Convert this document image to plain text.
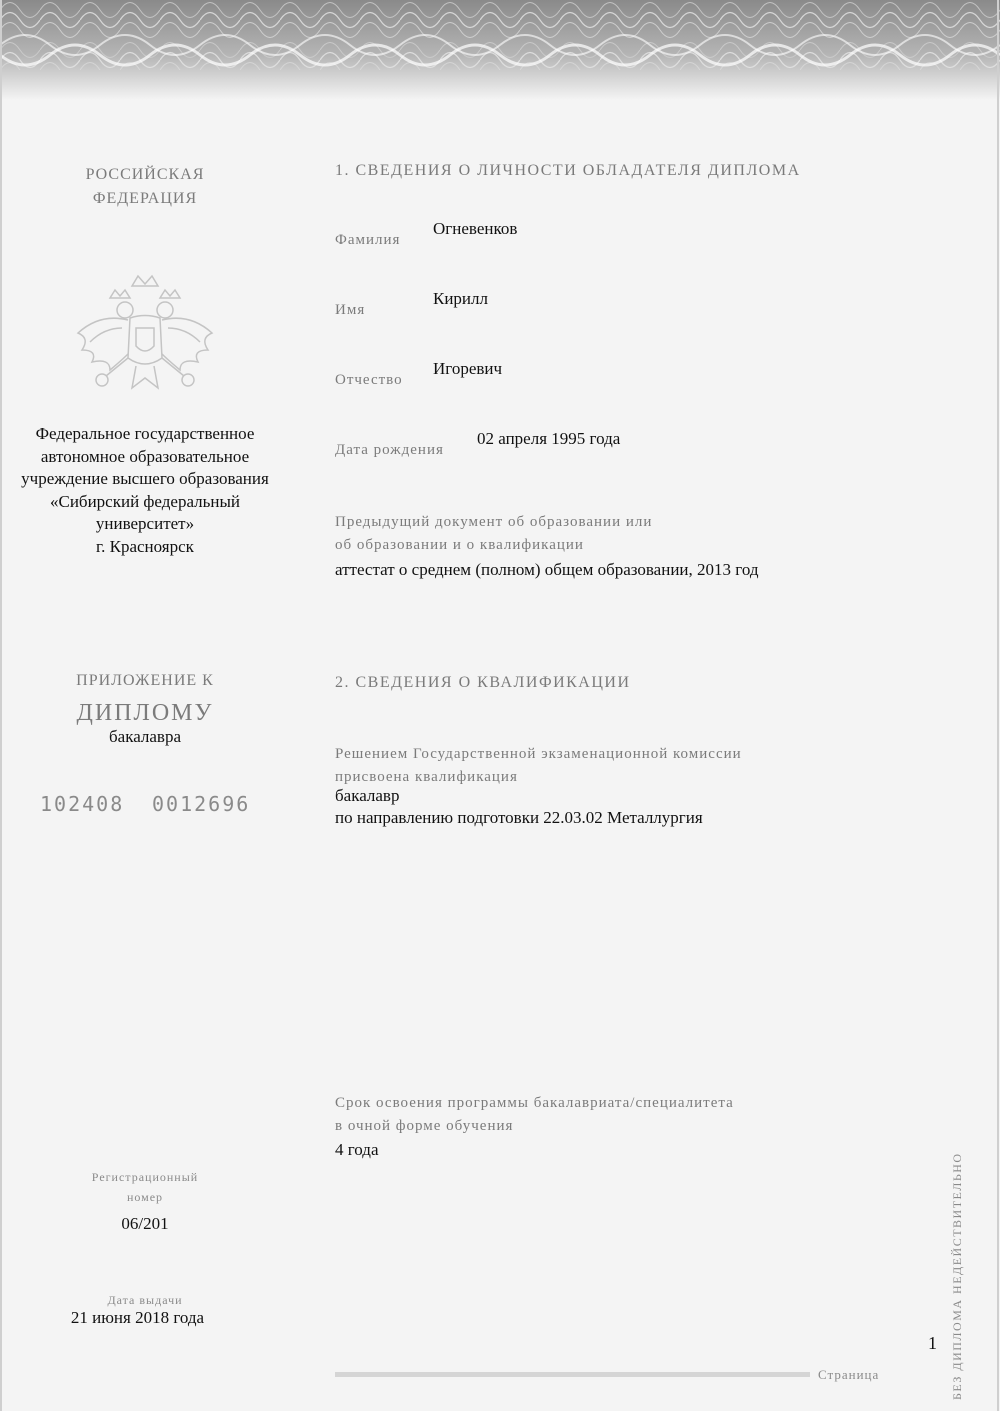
РОССИЙСКАЯ
ФЕДЕРАЦИЯ
Федеральное государственное
автономное образовательное
учреждение высшего образования
«Сибирский федеральный
университет»
г. Красноярск
ПРИЛОЖЕНИЕ К
ДИПЛОМУ
бакалавра
102408 0012696
Регистрационный
номер
06/201
Дата выдачи
21 июня 2018 года
1. СВЕДЕНИЯ О ЛИЧНОСТИ ОБЛАДАТЕЛЯ ДИПЛОМА
Фамилия
Огневенков
Имя
Кирилл
Отчество
Игоревич
Дата рождения
02 апреля 1995 года
Предыдущий документ об образовании или
об образовании и о квалификации
аттестат о среднем (полном) общем образовании, 2013 год
2. СВЕДЕНИЯ О КВАЛИФИКАЦИИ
Решением Государственной экзаменационной комиссии
присвоена квалификация
бакалавр
по направлению подготовки 22.03.02 Металлургия
Срок освоения программы бакалавриата/специалитета
в очной форме обучения
4 года
Страница
1 БЕЗ ДИПЛОМА НЕДЕЙСТВИТЕЛЬНО
